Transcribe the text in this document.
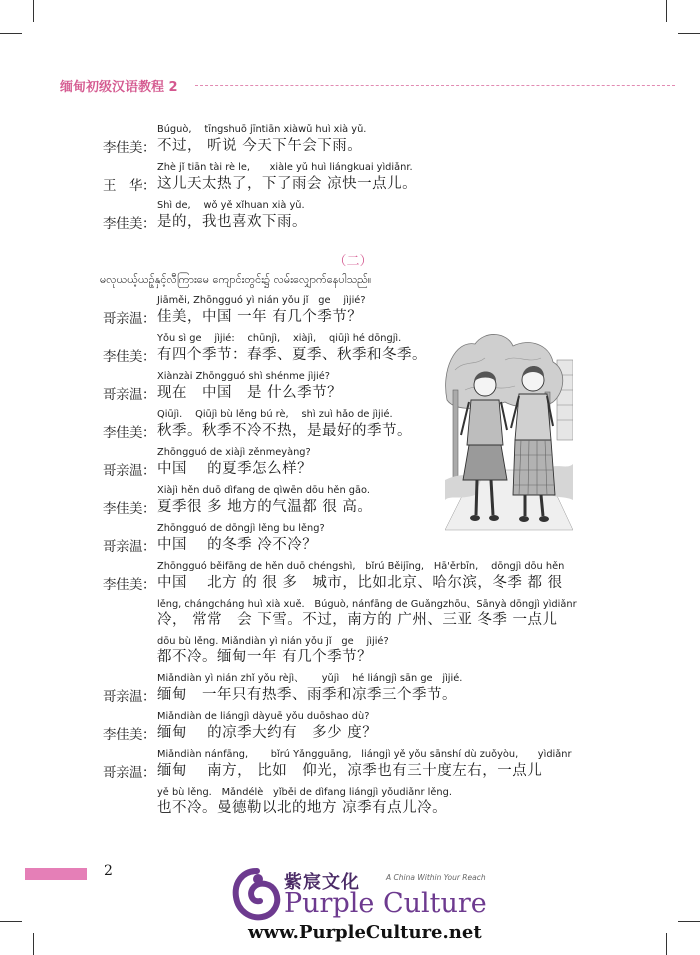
缅甸初级汉语教程 2
Búguò,　 tīngshuō jīntiān xiàwǔ huì xià yǔ.
李佳美： 不过， 听说 今天下午会下雨。
Zhè jǐ tiān tài rè le,　　xiàle yǔ huì liángkuai yìdiǎnr.
王　华： 这儿天太热了，下了雨会 凉快一点儿。
Shì de,　 wǒ yě xǐhuan xià yǔ.
李佳美： 是的，我也喜欢下雨。
（二）
မလုယယ့်ယဉ့်နှင့်လီကြားမေ ကျောင်းတွင်း၌ လမ်းလျှောက်နေပါသည်။
Jiāměi, Zhōngguó yì nián yǒu jǐ　ge　 jìjié?
哥亲温： 佳美，中国 一年 有几个季节？
Yǒu sì ge　 jìjié:　 chūnjì,　 xiàjì,　 qiūjì hé dōngjì.
李佳美： 有四个季节：春季、夏季、秋季和冬季。
Xiànzài Zhōngguó shì shénme jìjié?
哥亲温： 现在　中国　是 什么季节？
Qiūjì.　 Qiūjì bù lěng bú rè,　 shì zuì hǎo de jìjié.
李佳美： 秋季。秋季不冷不热，是最好的季节。
Zhōngguó de xiàjì zěnmeyàng?
哥亲温： 中国　 的夏季怎么样？
Xiàjì hěn duō dìfang de qìwēn dōu hěn gāo.
李佳美： 夏季很 多 地方的气温都 很 高。
Zhōngguó de dōngjì lěng bu lěng?
哥亲温： 中国　 的冬季 冷不冷？
Zhōngguó běifāng de hěn duō chéngshì,　bǐrú Běijīng,　Hā'ěrbīn,　 dōngjì dōu hěn
李佳美： 中国　 北方 的 很 多　城市，比如北京、哈尔滨，冬季 都 很
lěng, chángcháng huì xià xuě.　Búguò, nánfāng de Guǎngzhōu、Sānyà dōngjì yìdiǎnr
冷， 常常　会 下雪。不过，南方的 广州、三亚 冬季 一点儿
dōu bù lěng. Miǎndiàn yì nián yǒu jǐ　ge　 jìjié?
都不冷。缅甸一年 有几个季节？
Miǎndiàn yì nián zhǐ yǒu rèjì、　　 yǔjì　 hé liángjì sān ge　jìjié.
哥亲温： 缅甸　一年只有热季、雨季和凉季三个季节。
Miǎndiàn de liángjì dàyuē yǒu duōshao dù?
李佳美： 缅甸　 的凉季大约有　多少 度？
Miǎndiàn nánfāng,　　 bǐrú Yǎngguāng,　liángjì yě yǒu sānshí dù zuǒyòu,　　yìdiǎnr
哥亲温： 缅甸　 南方， 比如　仰光，凉季也有三十度左右，一点儿
yě bù lěng.　Mǎndélè　yǐběi de dìfang liángjì yǒudiǎnr lěng.
也不冷。曼德勒以北的地方 凉季有点儿冷。
2
紫宸文化	A China Within Your Reach
Purple Culture
www.PurpleCulture.net
